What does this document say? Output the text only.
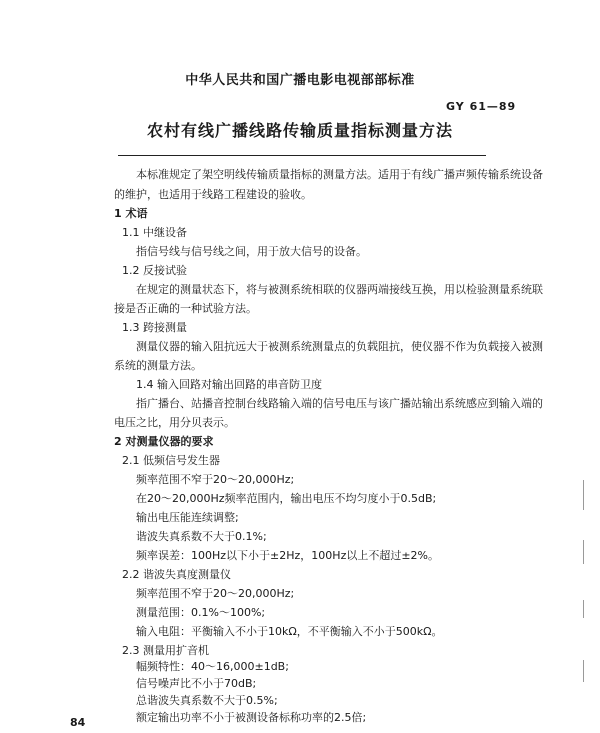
中华人民共和国广播电影电视部部标准
GY 61—89
农村有线广播线路传输质量指标测量方法
本标准规定了架空明线传输质量指标的测量方法。适用于有线广播声频传输系统设备
的维护，也适用于线路工程建设的验收。
1 术语
1.1 中继设备
指信号线与信号线之间，用于放大信号的设备。
1.2 反接试验
在规定的测量状态下，将与被测系统相联的仪器两端接线互换，用以检验测量系统联
接是否正确的一种试验方法。
1.3 跨接测量
测量仪器的输入阻抗远大于被测系统测量点的负载阻抗，使仪器不作为负载接入被测
系统的测量方法。
1.4 输入回路对输出回路的串音防卫度
指广播台、站播音控制台线路输入端的信号电压与该广播站输出系统感应到输入端的
电压之比，用分贝表示。
2 对测量仪器的要求
2.1 低频信号发生器
频率范围不窄于20～20,000Hz;
在20～20,000Hz频率范围内，输出电压不均匀度小于0.5dB;
输出电压能连续调整;
谐波失真系数不大于0.1%;
频率误差：100Hz以下小于±2Hz，100Hz以上不超过±2%。
2.2 谐波失真度测量仪
频率范围不窄于20～20,000Hz;
测量范围：0.1%～100%;
输入电阻：平衡输入不小于10kΩ，不平衡输入不小于500kΩ。
2.3 测量用扩音机
幅频特性：40～16,000±1dB;
信号噪声比不小于70dB;
总谐波失真系数不大于0.5%;
额定输出功率不小于被测设备标称功率的2.5倍;
84
